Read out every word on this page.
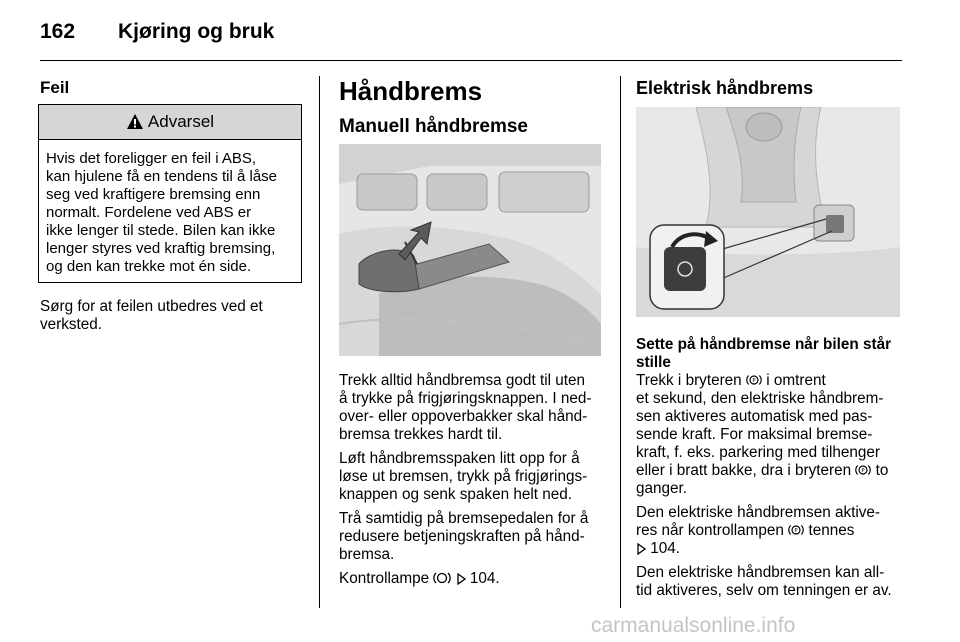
162 Kjøring og bruk
Feil
Advarsel
Hvis det foreligger en feil i ABS,
kan hjulene få en tendens til å låse
seg ved kraftigere bremsing enn
normalt. Fordelene ved ABS er
ikke lenger til stede. Bilen kan ikke
lenger styres ved kraftig bremsing,
og den kan trekke mot én side.
Sørg for at feilen utbedres ved et
verksted.
Håndbrems
Manuell håndbremse

Trekk alltid håndbremsa godt til uten
å trykke på frigjøringsknappen. I ned-
over- eller oppoverbakker skal hånd-
bremsa trekkes hardt til.

Løft håndbremsspaken litt opp for å
løse ut bremsen, trykk på frigjørings-
knappen og senk spaken helt ned.

Trå samtidig på bremsepedalen for å
redusere betjeningskraften på hånd-
bremsa.

Kontrollampe	104.

Elektrisk håndbrems
Sette på håndbremse når bilen står
stille

Trekk i bryteren P i omtrent
et sekund, den elektriske håndbrem-
sen aktiveres automatisk med pas-
sende kraft. For maksimal bremse-
kraft, f. eks. parkering med tilhenger
eller i bratt bakke, dra i bryteren P to
ganger.

Den elektriske håndbremsen aktive-
res når kontrollampen P tennes
104.

Den elektriske håndbremsen kan all-
tid aktiveres, selv om tenningen er av.

carmanualsonline.info
